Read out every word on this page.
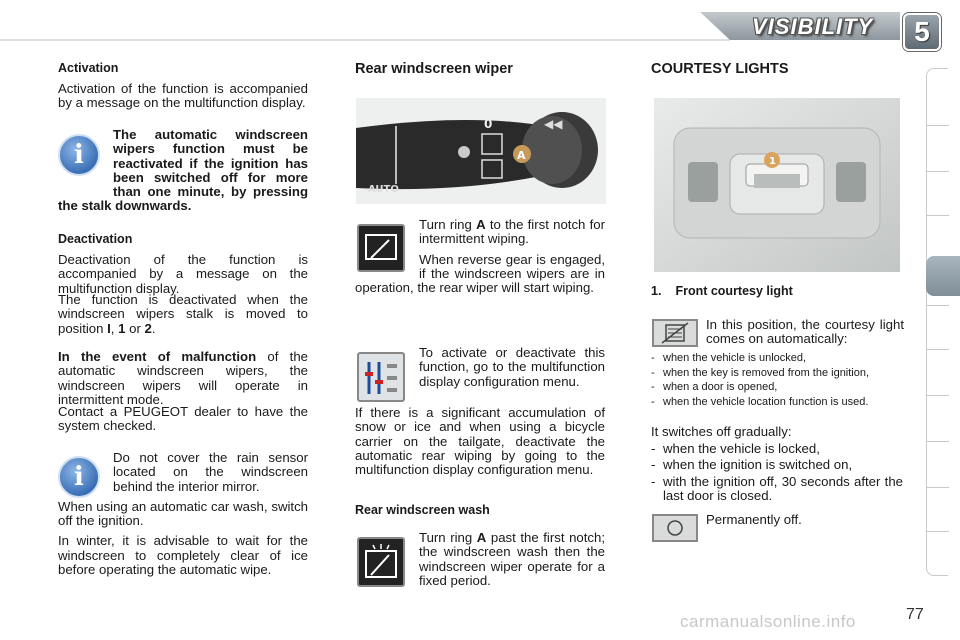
VISIBILITY	5
Activation

Activation of the function is accompanied by a message on the multifunction display.

i
The automatic windscreen wipers function must be reactivated if the ignition has been switched off for more than one minute, by pressing the stalk downwards.
Deactivation

Deactivation of the function is accompanied by a message on the multifunction display.

The function is deactivated when the windscreen wipers stalk is moved to position I, 1 or 2.

In the event of malfunction of the automatic windscreen wipers, the windscreen wipers will operate in intermittent mode.

Contact a PEUGEOT dealer to have the system checked.

i
Do not cover the rain sensor located on the windscreen behind the interior mirror.
When using an automatic car wash, switch off the ignition.
In winter, it is advisable to wait for the windscreen to completely clear of ice before operating the automatic wipe.
Rear windscreen wiper
0	◀◀
A
AUTO
Turn ring A to the first notch for intermittent wiping.
When reverse gear is engaged, if the windscreen wipers are in operation, the rear wiper will start wiping.
To activate or deactivate this function, go to the multifunction display configuration menu.

If there is a significant accumulation of snow or ice and when using a bicycle carrier on the tailgate, deactivate the automatic rear wiping by going to the multifunction display configuration menu.

Rear windscreen wash
Turn ring A past the first notch; the windscreen wash then the windscreen wiper operate for a fixed period.
COURTESY LIGHTS
1
1. Front courtesy light

In this position, the courtesy light comes on automatically:

- when the vehicle is unlocked,
- when the key is removed from the ignition,
- when a door is opened,
- when the vehicle location function is used.
It switches off gradually:
- when the vehicle is locked,
- when the ignition is switched on,
- with the ignition off, 30 seconds after the last door is closed.
Permanently off.
carmanualsonline.info	77
